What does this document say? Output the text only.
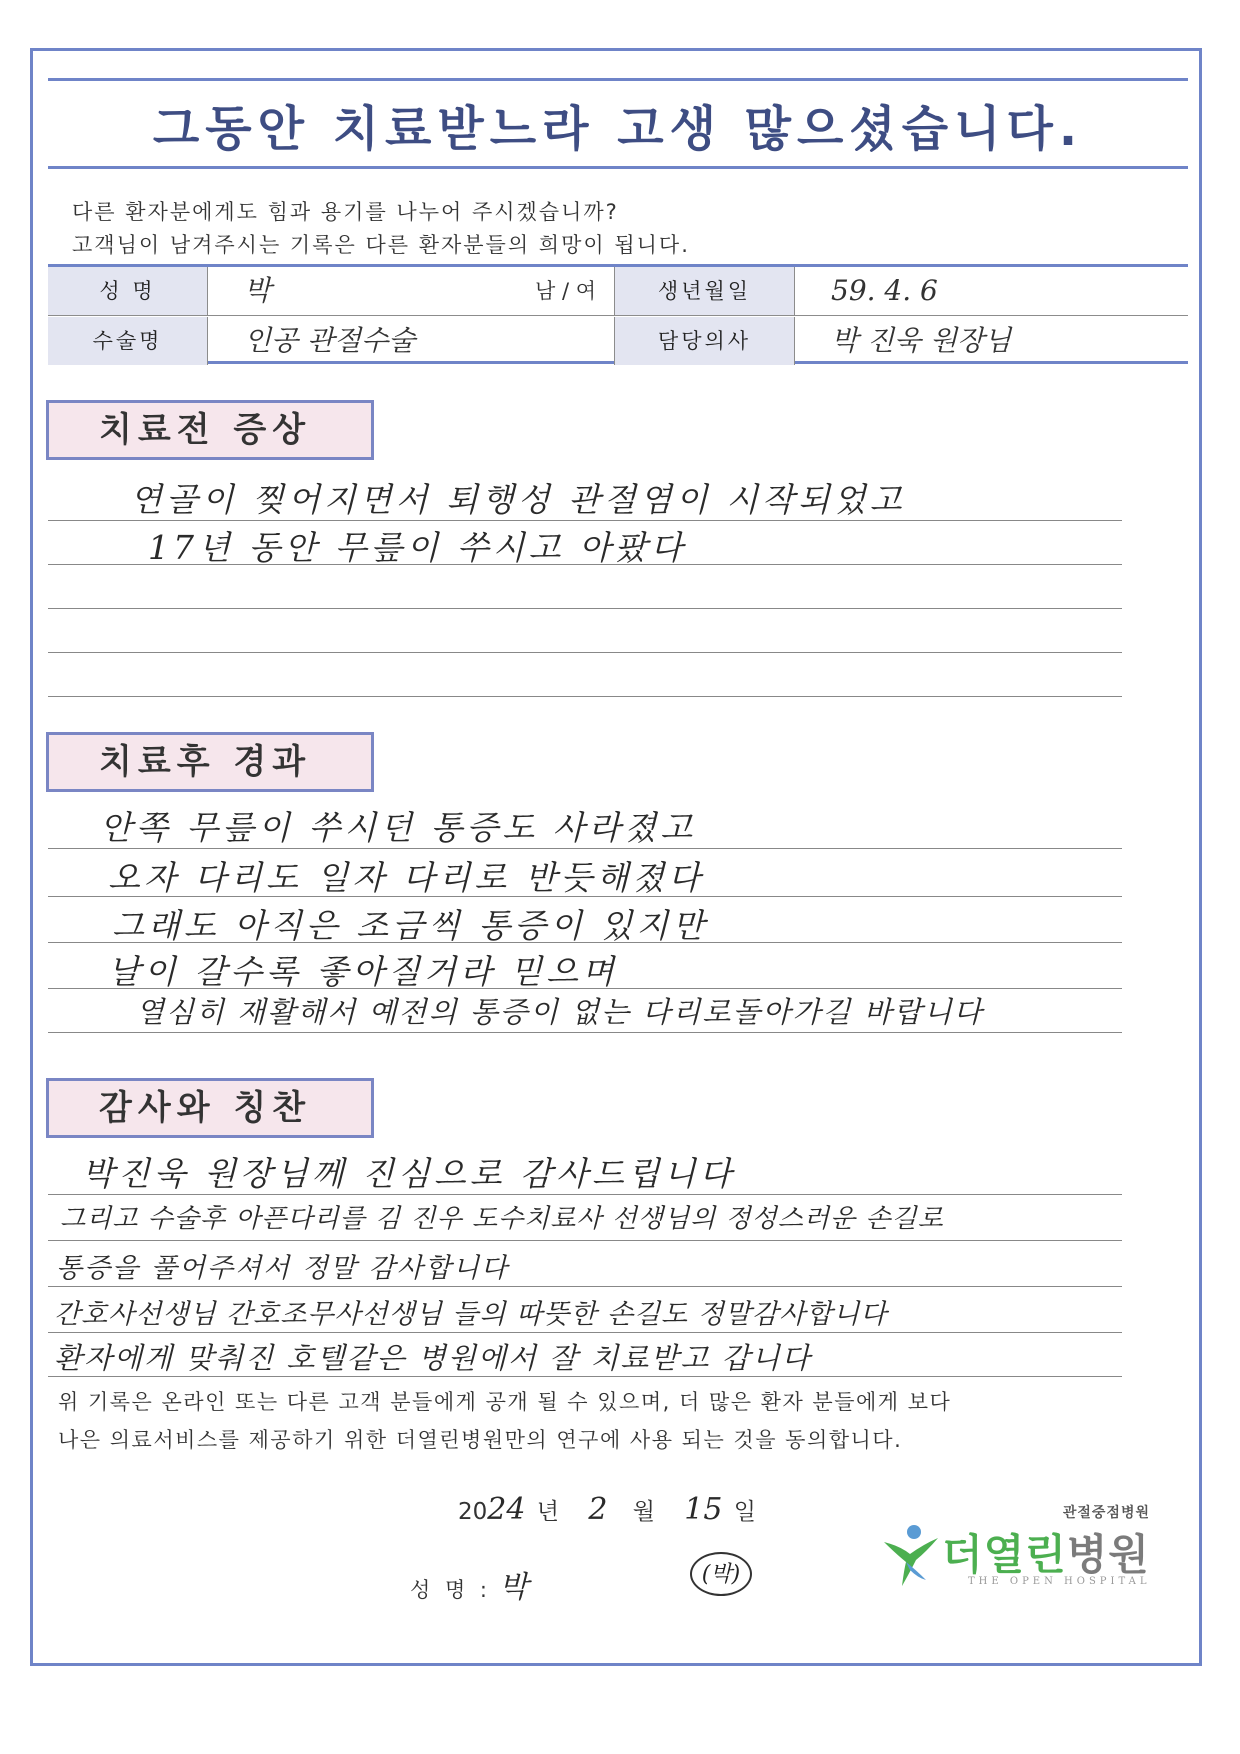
그동안 치료받느라 고생 많으셨습니다.
다른 환자분에게도 힘과 용기를 나누어 주시겠습니까?
고객님이 남겨주시는 기록은 다른 환자분들의 희망이 됩니다.
성 명	박	남 / 여	생년월일	59. 4. 6
수술명	인공 관절수술	담당의사	박 진욱 원장님
치료전 증상
연골이 찢어지면서 퇴행성 관절염이 시작되었고
17년 동안 무릎이 쑤시고 아팠다
치료후 경과
안쪽 무릎이 쑤시던 통증도 사라졌고
오자 다리도 일자 다리로 반듯해졌다
그래도 아직은 조금씩 통증이 있지만
날이 갈수록 좋아질거라 믿으며
열심히 재활해서 예전의 통증이 없는 다리로돌아가길 바랍니다
감사와 칭찬
박진욱 원장님께 진심으로 감사드립니다
그리고 수술후 아픈다리를 김 진우 도수치료사 선생님의 정성스러운 손길로
통증을 풀어주셔서 정말 감사합니다
간호사선생님 간호조무사선생님 들의 따뜻한 손길도 정말감사합니다
환자에게 맞춰진 호텔같은 병원에서 잘 치료받고 갑니다
위 기록은 온라인 또는 다른 고객 분들에게 공개 될 수 있으며, 더 많은 환자 분들에게 보다
나은 의료서비스를 제공하기 위한 더열린병원만의 연구에 사용 되는 것을 동의합니다.
2024 년 2 월 15 일
성 명 : 박	(박)
관절중점병원
더열린병원
THE OPEN HOSPITAL
